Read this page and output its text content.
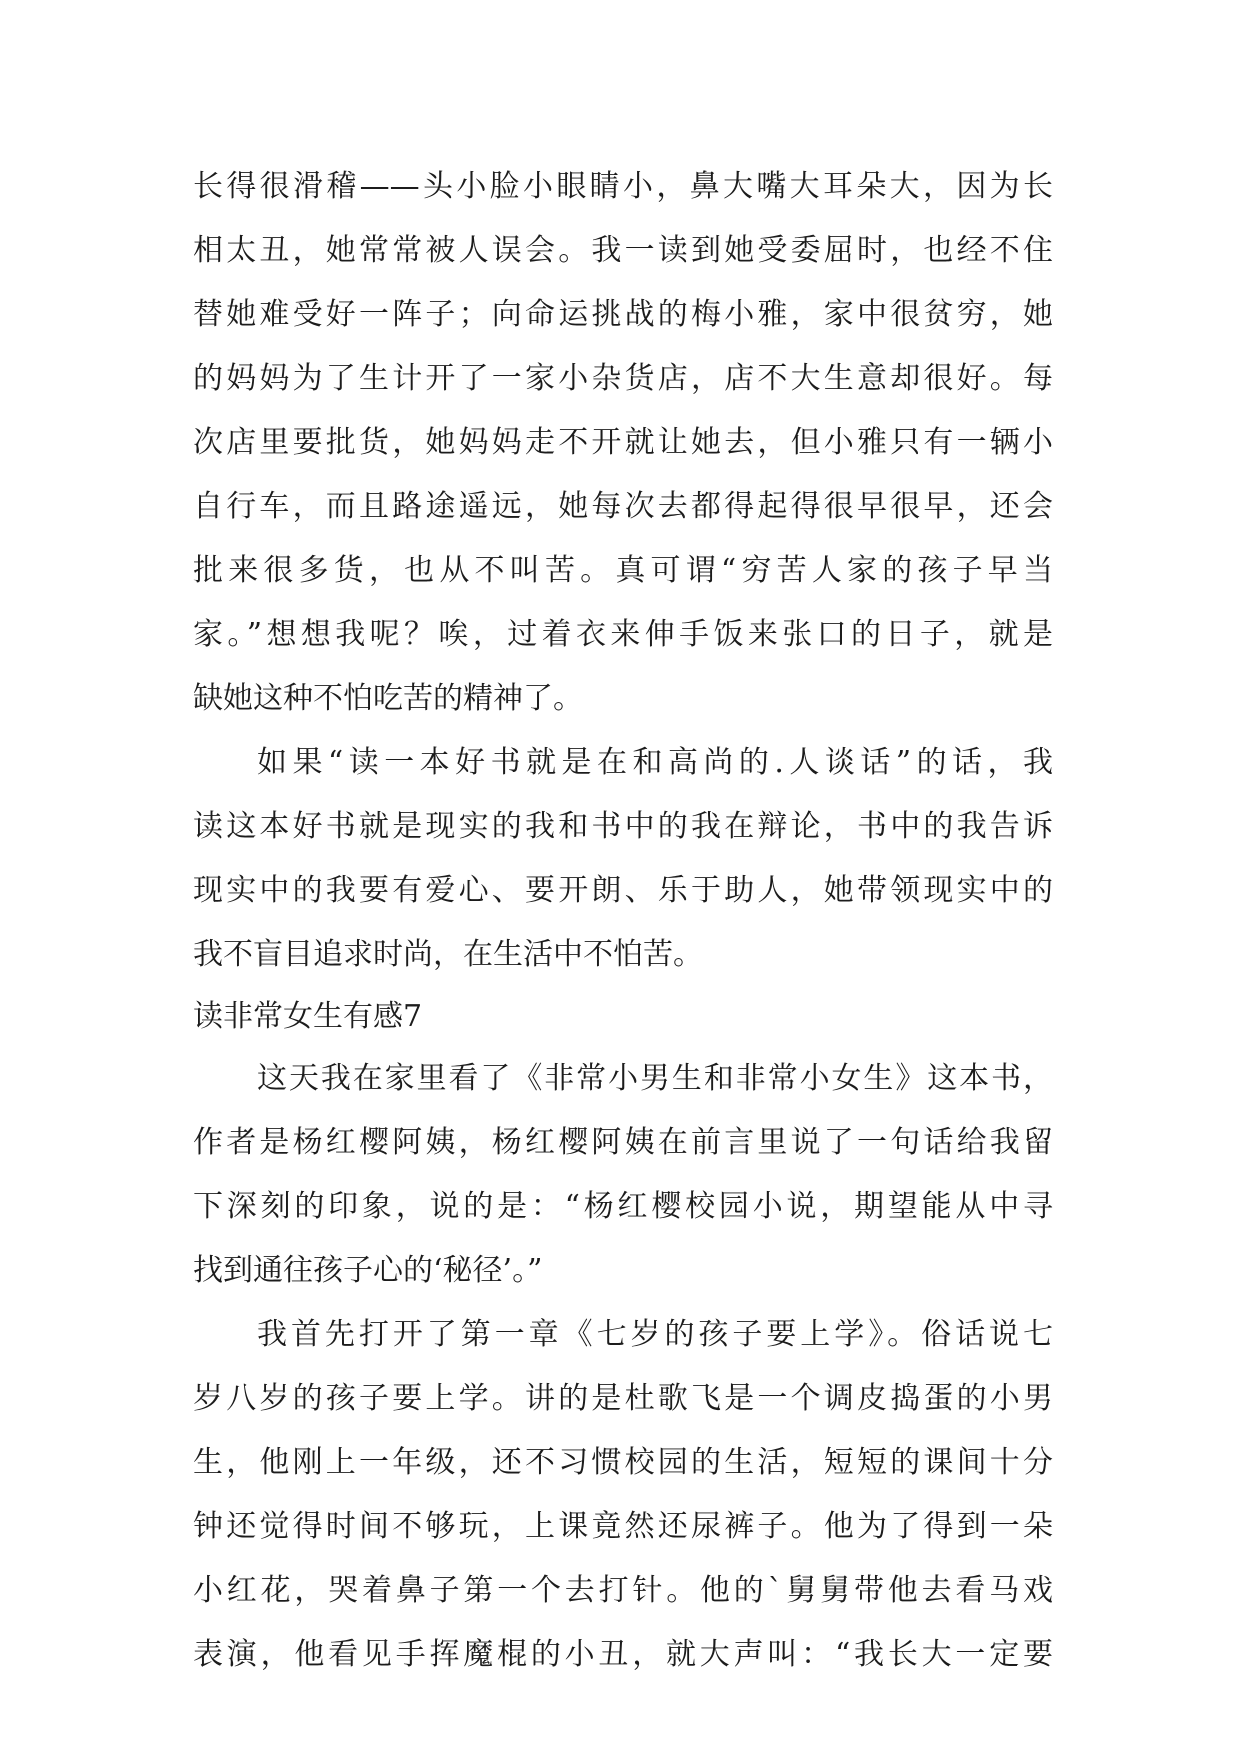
长得很滑稽——头小脸小眼睛小，鼻大嘴大耳朵大，因为长
相太丑，她常常被人误会。我一读到她受委屈时，也经不住
替她难受好一阵子；向命运挑战的梅小雅，家中很贫穷，她
的妈妈为了生计开了一家小杂货店，店不大生意却很好。每
次店里要批货，她妈妈走不开就让她去，但小雅只有一辆小
自行车，而且路途遥远，她每次去都得起得很早很早，还会
批来很多货，也从不叫苦。真可谓“穷苦人家的孩子早当
家。”想想我呢？唉，过着衣来伸手饭来张口的日子，就是
缺她这种不怕吃苦的精神了。
如果“读一本好书就是在和高尚的.人谈话”的话，我
读这本好书就是现实的我和书中的我在辩论，书中的我告诉
现实中的我要有爱心、要开朗、乐于助人，她带领现实中的
我不盲目追求时尚，在生活中不怕苦。
读非常女生有感7
这天我在家里看了《非常小男生和非常小女生》这本书，
作者是杨红樱阿姨，杨红樱阿姨在前言里说了一句话给我留
下深刻的印象，说的是：“杨红樱校园小说，期望能从中寻
找到通往孩子心的‘秘径’。”
我首先打开了第一章《七岁的孩子要上学》。俗话说七
岁八岁的孩子要上学。讲的是杜歌飞是一个调皮捣蛋的小男
生，他刚上一年级，还不习惯校园的生活，短短的课间十分
钟还觉得时间不够玩，上课竟然还尿裤子。他为了得到一朵
小红花，哭着鼻子第一个去打针。他的`舅舅带他去看马戏
表演，他看见手挥魔棍的小丑，就大声叫：“我长大一定要
